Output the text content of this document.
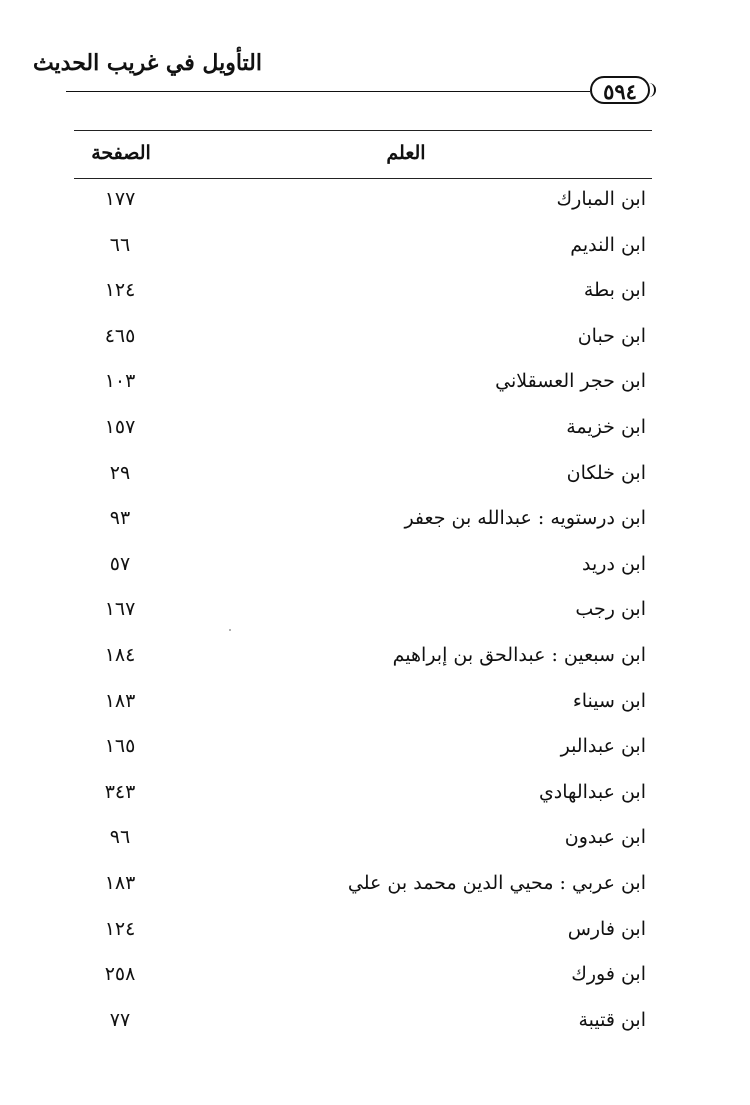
التأويل في غريب الحديث
٥٩٤
العلم
الصفحة
ابن المبارك
١٧٧
ابن النديم
٦٦
ابن بطة
١٢٤
ابن حبان
٤٦٥
ابن حجر العسقلاني
١٠٣
ابن خزيمة
١٥٧
ابن خلكان
٢٩
ابن درستويه : عبدالله بن جعفر
٩٣
ابن دريد
٥٧
ابن رجب
١٦٧
ابن سبعين : عبدالحق بن إبراهيم
١٨٤
ابن سيناء
١٨٣
ابن عبدالبر
١٦٥
ابن عبدالهادي
٣٤٣
ابن عبدون
٩٦
ابن عربي : محيي الدين محمد بن علي
١٨٣
ابن فارس
١٢٤
ابن فورك
٢٥٨
ابن قتيبة
٧٧
